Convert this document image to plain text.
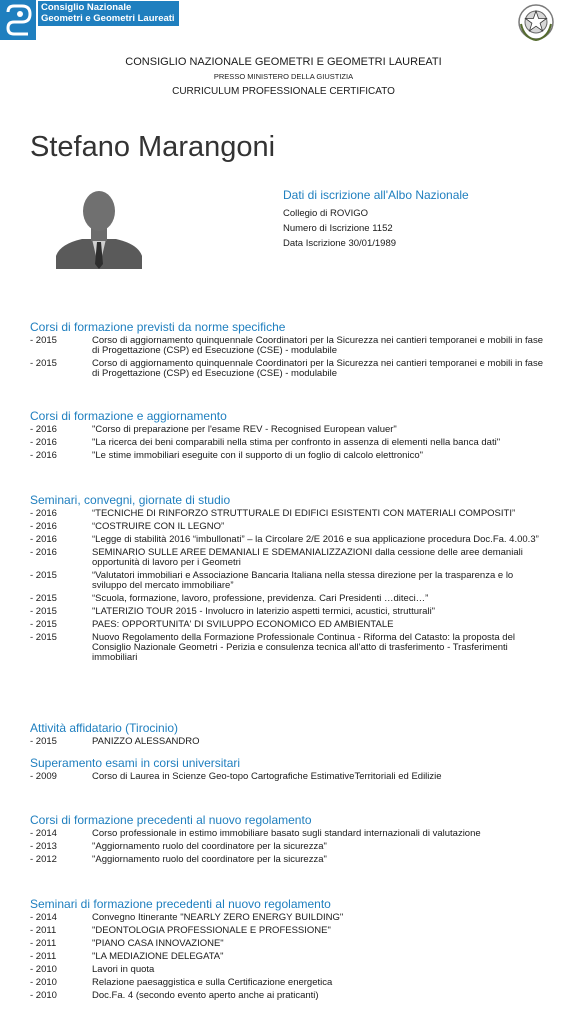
Consiglio Nazionale
Geometri e Geometri Laureati
CONSIGLIO NAZIONALE GEOMETRI E GEOMETRI LAUREATI
PRESSO MINISTERO DELLA GIUSTIZIA
CURRICULUM PROFESSIONALE CERTIFICATO
Stefano Marangoni
Dati di iscrizione all'Albo Nazionale
Collegio di ROVIGO
Numero di Iscrizione 1152
Data Iscrizione 30/01/1989
Corsi di formazione previsti da norme specifiche
- 2015	Corso di aggiornamento quinquennale Coordinatori per la Sicurezza nei cantieri temporanei e mobili in fase di Progettazione (CSP) ed Esecuzione (CSE) - modulabile
- 2015	Corso di aggiornamento quinquennale Coordinatori per la Sicurezza nei cantieri temporanei e mobili in fase di Progettazione (CSP) ed Esecuzione (CSE) - modulabile
Corsi di formazione e aggiornamento
- 2016	"Corso di preparazione per l'esame REV - Recognised European valuer"
- 2016	"La ricerca dei beni comparabili nella stima per confronto in assenza di elementi nella banca dati"
- 2016	"Le stime immobiliari eseguite con il supporto di un foglio di calcolo elettronico"
Seminari, convegni, giornate di studio
- 2016	“TECNICHE DI RINFORZO STRUTTURALE DI EDIFICI ESISTENTI CON MATERIALI COMPOSITI”
- 2016	“COSTRUIRE CON IL LEGNO”
- 2016	“Legge di stabilità 2016 “imbullonati” – la Circolare 2/E 2016 e sua applicazione procedura Doc.Fa. 4.00.3”
- 2016	SEMINARIO SULLE AREE DEMANIALI E SDEMANIALIZZAZIONI dalla cessione delle aree demaniali opportunità di lavoro per i Geometri
- 2015	“Valutatori immobiliari e Associazione Bancaria Italiana nella stessa direzione per la trasparenza e lo sviluppo del mercato immobiliare”
- 2015	“Scuola, formazione, lavoro, professione, previdenza. Cari Presidenti …diteci…”
- 2015	"LATERIZIO TOUR 2015 - Involucro in laterizio aspetti termici, acustici, strutturali"
- 2015	PAES: OPPORTUNITA' DI SVILUPPO ECONOMICO ED AMBIENTALE
- 2015	Nuovo Regolamento della Formazione Professionale Continua - Riforma del Catasto: la proposta del Consiglio Nazionale Geometri - Perizia e consulenza tecnica all'atto di trasferimento - Trasferimenti immobiliari
Attività affidatario (Tirocinio)
- 2015	PANIZZO ALESSANDRO
Superamento esami in corsi universitari
- 2009	Corso di Laurea in Scienze Geo-topo Cartografiche EstimativeTerritoriali ed Edilizie
Corsi di formazione precedenti al nuovo regolamento
- 2014	Corso professionale in estimo immobiliare basato sugli standard internazionali di valutazione
- 2013	"Aggiornamento ruolo del coordinatore per la sicurezza"
- 2012	"Aggiornamento ruolo del coordinatore per la sicurezza"
Seminari di formazione precedenti al nuovo regolamento
- 2014	Convegno Itinerante "NEARLY ZERO ENERGY BUILDING"
- 2011	"DEONTOLOGIA PROFESSIONALE E PROFESSIONE"
- 2011	"PIANO CASA INNOVAZIONE"
- 2011	"LA MEDIAZIONE DELEGATA"
- 2010	Lavori in quota
- 2010	Relazione paesaggistica e sulla Certificazione energetica
- 2010	Doc.Fa. 4 (secondo evento aperto anche ai praticanti)
